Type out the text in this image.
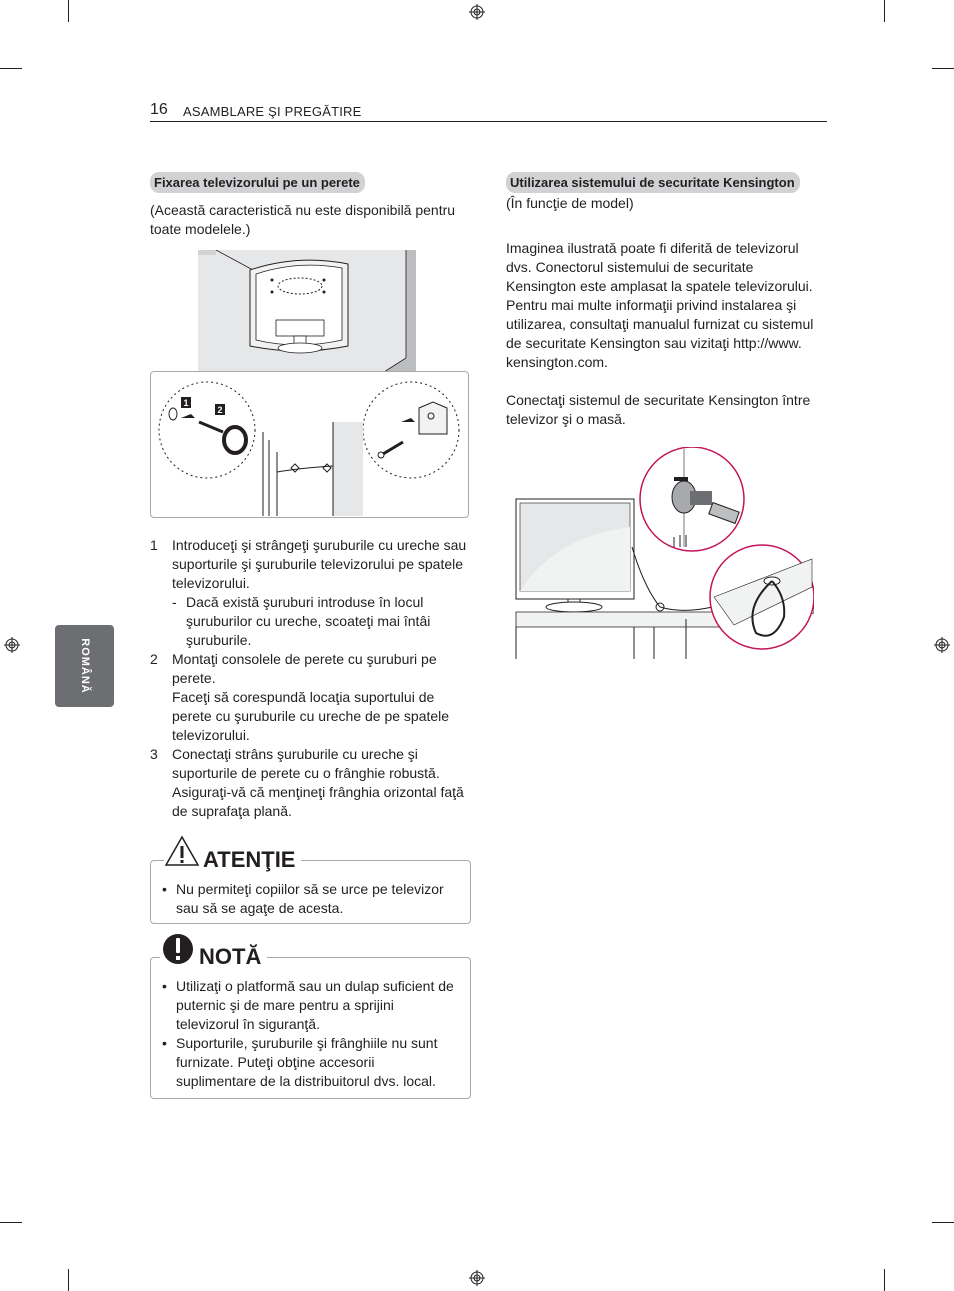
16 ASAMBLARE ŞI PREGĂTIRE
ROMÂNĂ
Fixarea televizorului pe un perete
(Această caracteristică nu este disponibilă pentru toate modelele.)
1
2
1 Introduceţi şi strângeţi şuruburile cu ureche sau suporturile şi şuruburile televizorului pe spatele televizorului.
- Dacă există şuruburi introduse în locul şuruburilor cu ureche, scoateţi mai întâi şuruburile.
2 Montaţi consolele de perete cu şuruburi pe perete.
Faceţi să corespundă locaţia suportului de perete cu şuruburile cu ureche de pe spatele televizorului.
3 Conectaţi strâns şuruburile cu ureche şi suporturile de perete cu o frânghie robustă. Asiguraţi-vă că menţineţi frânghia orizontal faţă de suprafaţa plană.
ATENŢIE
• Nu permiteţi copiilor să se urce pe televizor sau să se agaţe de acesta.
NOTĂ
• Utilizaţi o platformă sau un dulap suficient de puternic şi de mare pentru a sprijini televizorul în siguranţă.
• Suporturile, şuruburile şi frânghiile nu sunt furnizate. Puteţi obţine accesorii suplimentare de la distribuitorul dvs. local.
Utilizarea sistemului de securitate Kensington
(În funcţie de model)
Imaginea ilustrată poate fi diferită de televizorul dvs. Conectorul sistemului de securitate Kensington este amplasat la spatele televizorului. Pentru mai multe informaţii privind instalarea şi utilizarea, consultaţi manualul furnizat cu sistemul de securitate Kensington sau vizitaţi http://www. kensington.com.
Conectaţi sistemul de securitate Kensington între televizor şi o masă.
